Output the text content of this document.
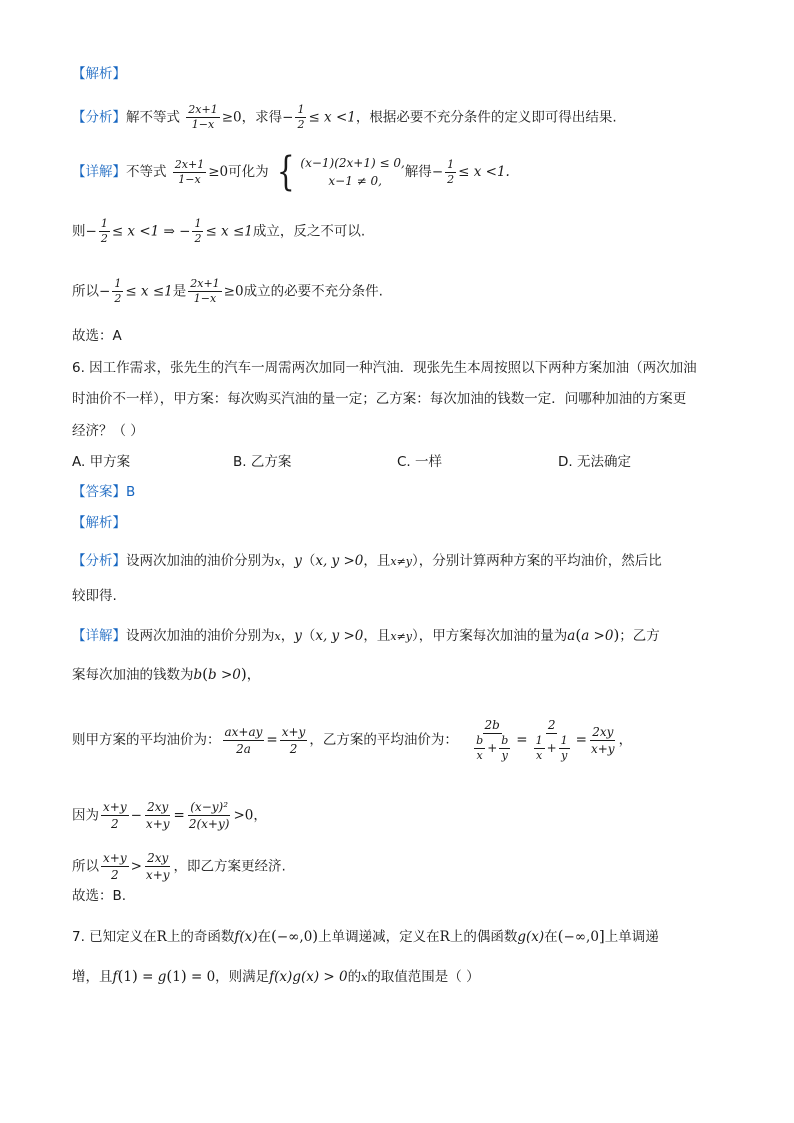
【解析】
【分析】解不等式 $\frac{2x+1}{1-x} \ge 0$，求得− $\frac{1}{2} \le x <1$，根据必要不充分条件的定义即可得出结果.
【详解】不等式 $\frac{2x+1}{1-x} \ge 0$可化为 { (x−1)(2x+1) ≤ 0,
x−1 ≠ 0,
解得− $\frac{1}{2} \le x <1$.
则− $\frac{1}{2} \le x <1$ ⇒ − $\frac{1}{2} \le x \le 1$成立，反之不可以.
所以− $\frac{1}{2} \le x \le 1$是 $\frac{2x+1}{1-x} \ge 0$成立的必要不充分条件.
故选：A
6. 因工作需求，张先生的汽车一周需两次加同一种汽油．现张先生本周按照以下两种方案加油（两次加油
时油价不一样），甲方案：每次购买汽油的量一定；乙方案：每次加油的钱数一定．问哪种加油的方案更
经济？（ ）
A. 甲方案	B. 乙方案	C. 一样	D. 无法确定
【答案】B
【解析】
【分析】设两次加油的油价分别为x，y（x, y >0，且x≠y），分别计算两种方案的平均油价，然后比
较即得.
【详解】设两次加油的油价分别为x，y（x, y >0，且x≠y），甲方案每次加油的量为a(a >0)；乙方
案每次加油的钱数为b(b >0)，
则甲方案的平均油价为： $\frac{ax+ay}{2a} = \frac{x+y}{2}$ ，乙方案的平均油价为： $\frac{2b}{\frac{b}{x} + \frac{b}{y}} = \frac{2}{\frac{1}{x} + \frac{1}{y}} = \frac{2xy}{x+y}$ ，
因为 $\frac{x+y}{2} - \frac{2xy}{x+y} = \frac{\text{(x−y)²}}{2(x+y)} >0$，
所以 $\frac{x+y}{2} > \frac{2xy}{x+y}$ ，即乙方案更经济.
故选：B.
7. 已知定义在R上的奇函数f(x)在(−∞,0)上单调递减，定义在R上的偶函数g(x)在(−∞,0]上单调递
增，且f(1) = g(1) = 0，则满足f(x)g(x) > 0的x的取值范围是（ ）
